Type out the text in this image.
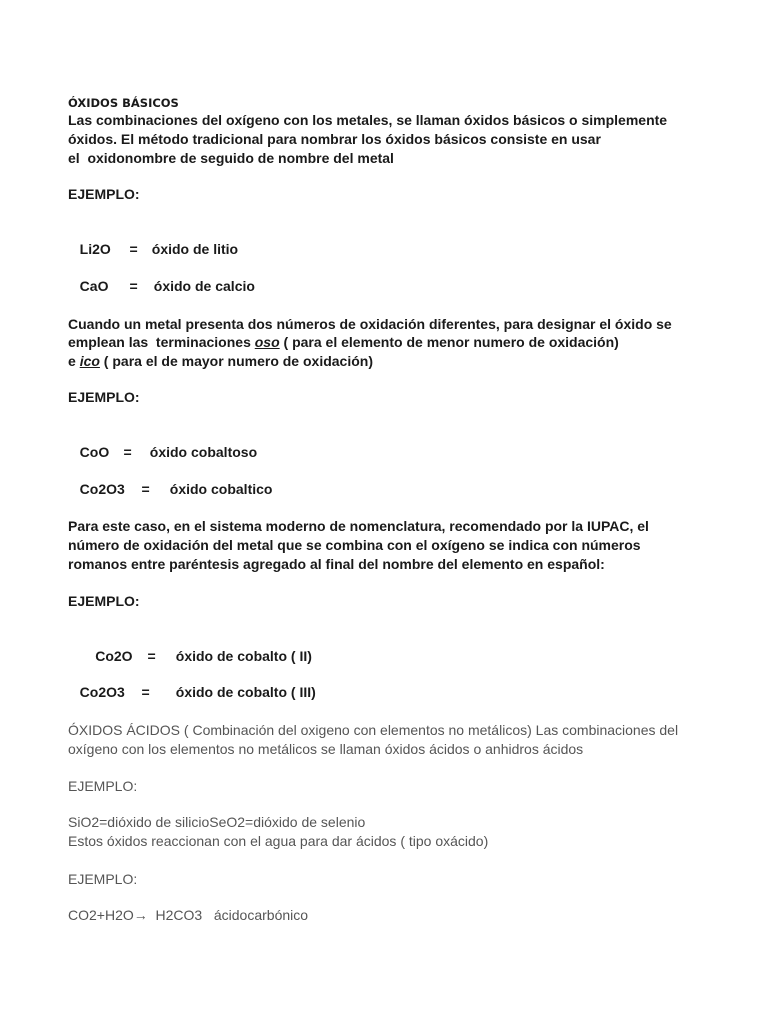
ÓXIDOS BÁSICOS
Las combinaciones del oxígeno con los metales, se llaman óxidos básicos o simplemente
óxidos. El método tradicional para nombrar los óxidos básicos consiste en usar
el  oxidonombre de seguido de nombre del metal
EJEMPLO:

Li2O  = óxido de litio

CaO  = óxido de calcio

Cuando un metal presenta dos números de oxidación diferentes, para designar el óxido se
emplean las  terminaciones oso ( para el elemento de menor numero de oxidación)
e ico ( para el de mayor numero de oxidación)
EJEMPLO:

CoO  = óxido cobaltoso

Co2O3  = óxido cobaltico

Para este caso, en el sistema moderno de nomenclatura, recomendado por la IUPAC, el
número de oxidación del metal que se combina con el oxígeno se indica con números
romanos entre paréntesis agregado al final del nombre del elemento en español:
EJEMPLO:

Co2O  = óxido de cobalto ( II)

Co2O3  = óxido de cobalto ( III)

ÓXIDOS ÁCIDOS ( Combinación del oxigeno con elementos no metálicos) Las combinaciones del
oxígeno con los elementos no metálicos se llaman óxidos ácidos o anhidros ácidos
EJEMPLO:
SiO2=dióxido de silicioSeO2=dióxido de selenio
Estos óxidos reaccionan con el agua para dar ácidos ( tipo oxácido)
EJEMPLO:
CO2+H2O→  H2CO3   ácidocarbónico
